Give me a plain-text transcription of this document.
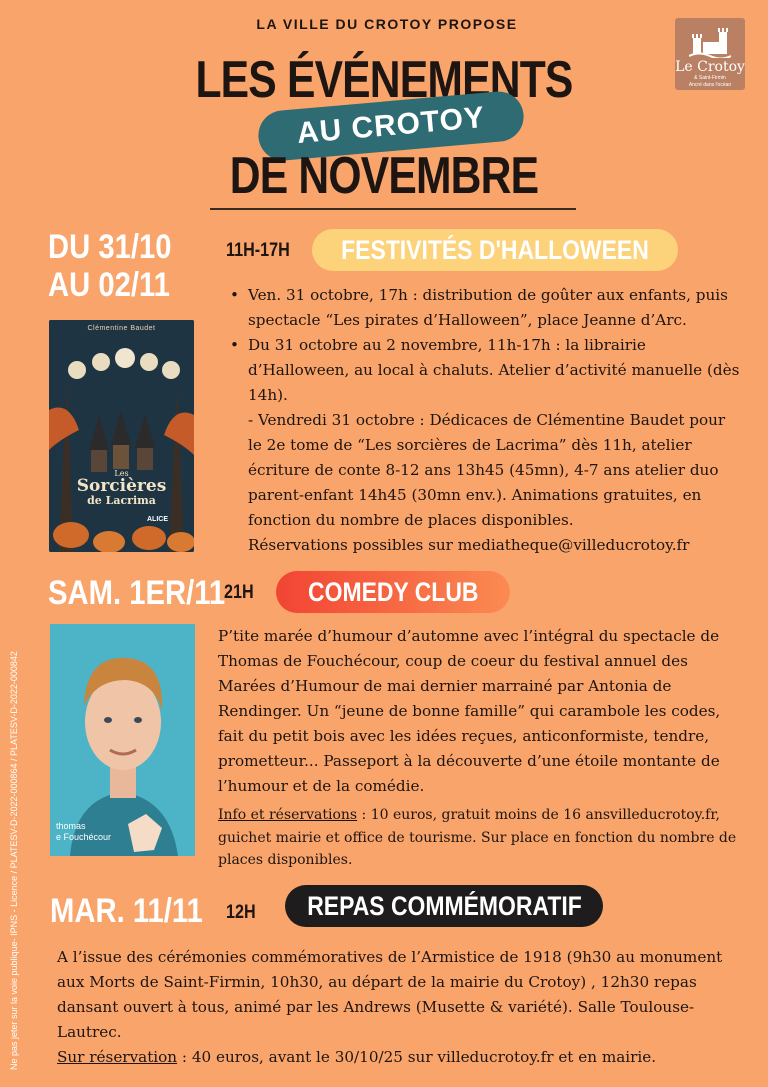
LA VILLE DU CROTOY PROPOSE
LES ÉVÉNEMENTS
AU CROTOY
DE NOVEMBRE
Le Crotoy
& Saint-Firmin
Ancré dans l'océan
DU 31/10
AU 02/11
11H-17H FESTIVITÉS D'HALLOWEEN
Clémentine Baudet
Les
Sorcières
de Lacrima
ALICE
• Ven. 31 octobre, 17h : distribution de goûter aux enfants, puis spectacle “Les pirates d’Halloween”, place Jeanne d’Arc.
• Du 31 octobre au 2 novembre, 11h-17h : la librairie d’Halloween, au local à chaluts. Atelier d’activité manuelle (dès 14h).
- Vendredi 31 octobre : Dédicaces de Clémentine Baudet pour le 2e tome de “Les sorcières de Lacrima” dès 11h, atelier écriture de conte 8-12 ans 13h45 (45mn), 4-7 ans atelier duo parent-enfant 14h45 (30mn env.). Animations gratuites, en fonction du nombre de places disponibles.
Réservations possibles sur mediatheque@villeducrotoy.fr
SAM. 1ER/11
21H COMEDY CLUB
thomas
e Fouchécour
P’tite marée d’humour d’automne avec l’intégral du spectacle de Thomas de Fouchécour, coup de coeur du festival annuel des Marées d’Humour de mai dernier marrainé par Antonia de Rendinger. Un “jeune de bonne famille” qui carambole les codes, fait du petit bois avec les idées reçues, anticonformiste, tendre, prometteur... Passeport à la découverte d’une étoile montante de l’humour et de la comédie.
Info et réservations : 10 euros, gratuit moins de 16 ansvilleducrotoy.fr, guichet mairie et office de tourisme. Sur place en fonction du nombre de places disponibles.
MAR. 11/11 12H REPAS COMMÉMORATIF
A l’issue des cérémonies commémoratives de l’Armistice de 1918 (9h30 au monument aux Morts de Saint-Firmin, 10h30, au départ de la mairie du Crotoy) , 12h30 repas dansant ouvert à tous, animé par les Andrews (Musette & variété). Salle Toulouse-Lautrec.
Sur réservation : 40 euros, avant le 30/10/25 sur villeducrotoy.fr et en mairie.
Ne pas jeter sur la voie publique- IPNS - Licence / PLATESV-D-2022-000864 / PLATESV-D-2022-000842
